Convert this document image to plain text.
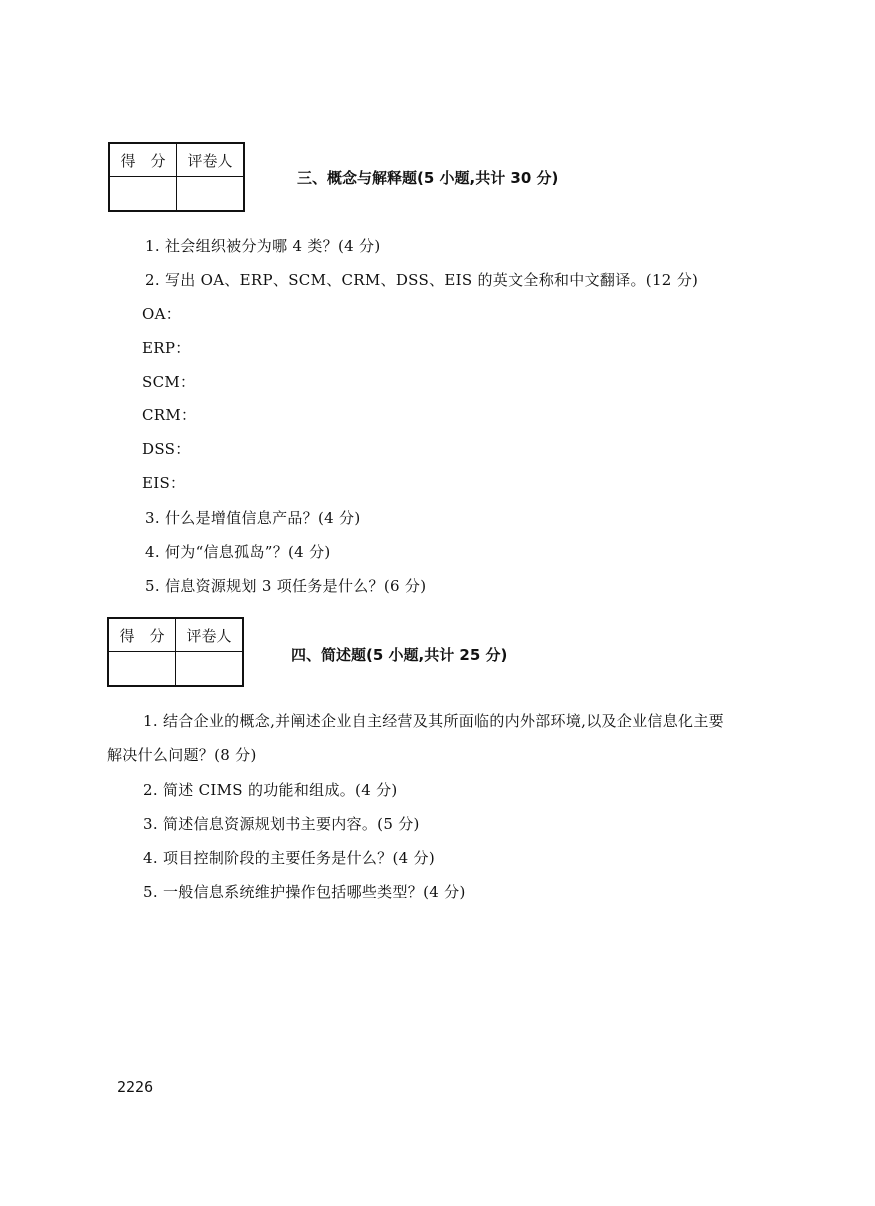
得　分	评卷人

三、概念与解释题(5 小题,共计 30 分)
1. 社会组织被分为哪 4 类？(4 分)
2. 写出 OA、ERP、SCM、CRM、DSS、EIS 的英文全称和中文翻译。(12 分)
OA：
ERP：
SCM：
CRM：
DSS：
EIS：
3. 什么是增值信息产品？(4 分)
4. 何为“信息孤岛”？(4 分)
5. 信息资源规划 3 项任务是什么？(6 分)
得　分	评卷人

四、简述题(5 小题,共计 25 分)
1. 结合企业的概念,并阐述企业自主经营及其所面临的内外部环境,以及企业信息化主要
解决什么问题？(8 分)
2. 简述 CIMS 的功能和组成。(4 分)
3. 简述信息资源规划书主要内容。(5 分)
4. 项目控制阶段的主要任务是什么？(4 分)
5. 一般信息系统维护操作包括哪些类型？(4 分)
2226
